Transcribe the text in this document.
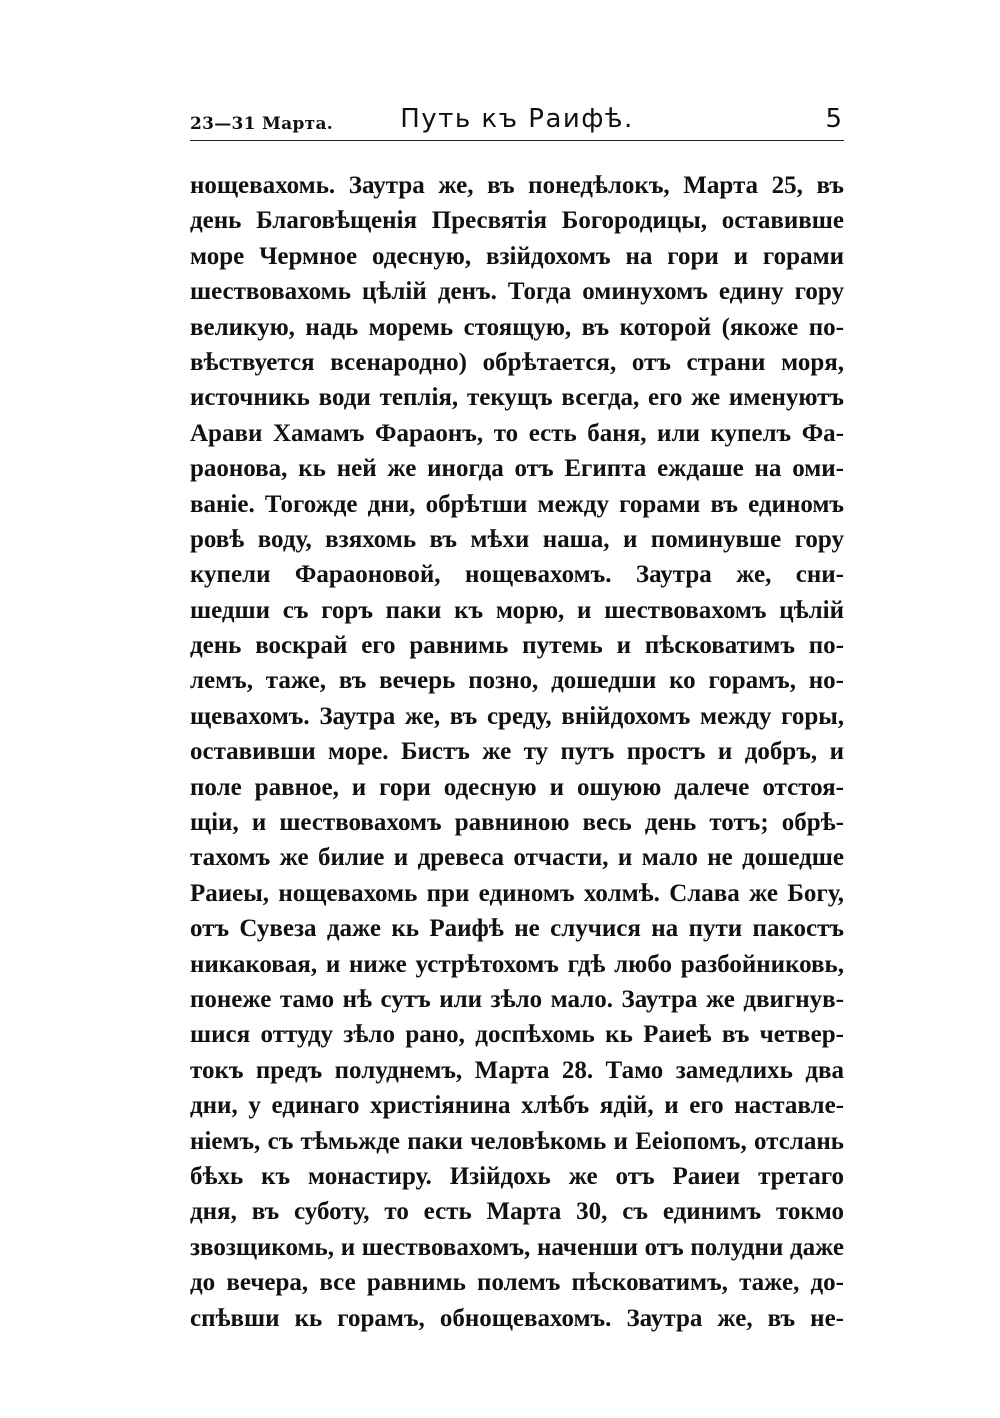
23—31 Марта.	Путь къ Раифѣ.	5
нощевахомь. Заутра же, въ понедѣлокъ, Марта 25, въ
день Благовѣщенія Пресвятія Богородицы, оставивше
море Чермное одесную, взійдохомъ на гори и горами
шествовахомь цѣлій денъ. Тогда оминухомъ едину гору
великую, надь моремь стоящую, въ которой (якоже по-
вѣствуется всенародно) обрѣтается, отъ страни моря,
источникь води теплія, текущъ всегда, его же именуютъ
Арави Хамамъ Фараонъ, то есть баня, или купелъ Фа-
раонова, кь ней же иногда отъ Египта еждаше на оми-
ваніе. Тогожде дни, обрѣтши между горами въ единомъ
ровѣ воду, взяхомь въ мѣхи наша, и поминувше гору
купели Фараоновой, нощевахомъ. Заутра же, сни-
шедши съ горъ паки къ морю, и шествовахомъ цѣлій
день воскрай его равнимь путемь и пѣсковатимъ по-
лемъ, таже, въ вечерь позно, дошедши ко горамъ, но-
щевахомъ. Заутра же, въ среду, внійдохомъ между горы,
оставивши море. Бистъ же ту путъ простъ и добръ, и
поле равное, и гори одесную и ошуюю далече отстоя-
щіи, и шествовахомъ равниною весь день тотъ; обрѣ-
тахомъ же билие и древеса отчасти, и мало не дошедше
Раиеы, нощевахомь при единомъ холмѣ. Слава же Богу,
отъ Сувеза даже кь Раифѣ не случися на пути пакостъ
никаковая, и ниже устрѣтохомъ гдѣ любо разбойниковь,
понеже тамо нѣ сутъ или зѣло мало. Заутра же двигнув-
шися оттуду зѣло рано, доспѣхомь кь Раиеѣ въ четвер-
токъ предъ полуднемъ, Марта 28. Тамо замедлихь два
дни, у единаго христіянина хлѣбъ ядій, и его наставле-
ніемъ, съ тѣмьжде паки человѣкомь и Ееіопомъ, отслань
бѣхь къ монастиру. Изійдохь же отъ Раиеи третаго
дня, въ суботу, то есть Марта 30, съ единимъ токмо
звозщикомь, и шествовахомъ, наченши отъ полудни даже
до вечера, все равнимь полемъ пѣсковатимъ, таже, до-
спѣвши кь горамъ, обнощевахомъ. Заутра же, въ не-
